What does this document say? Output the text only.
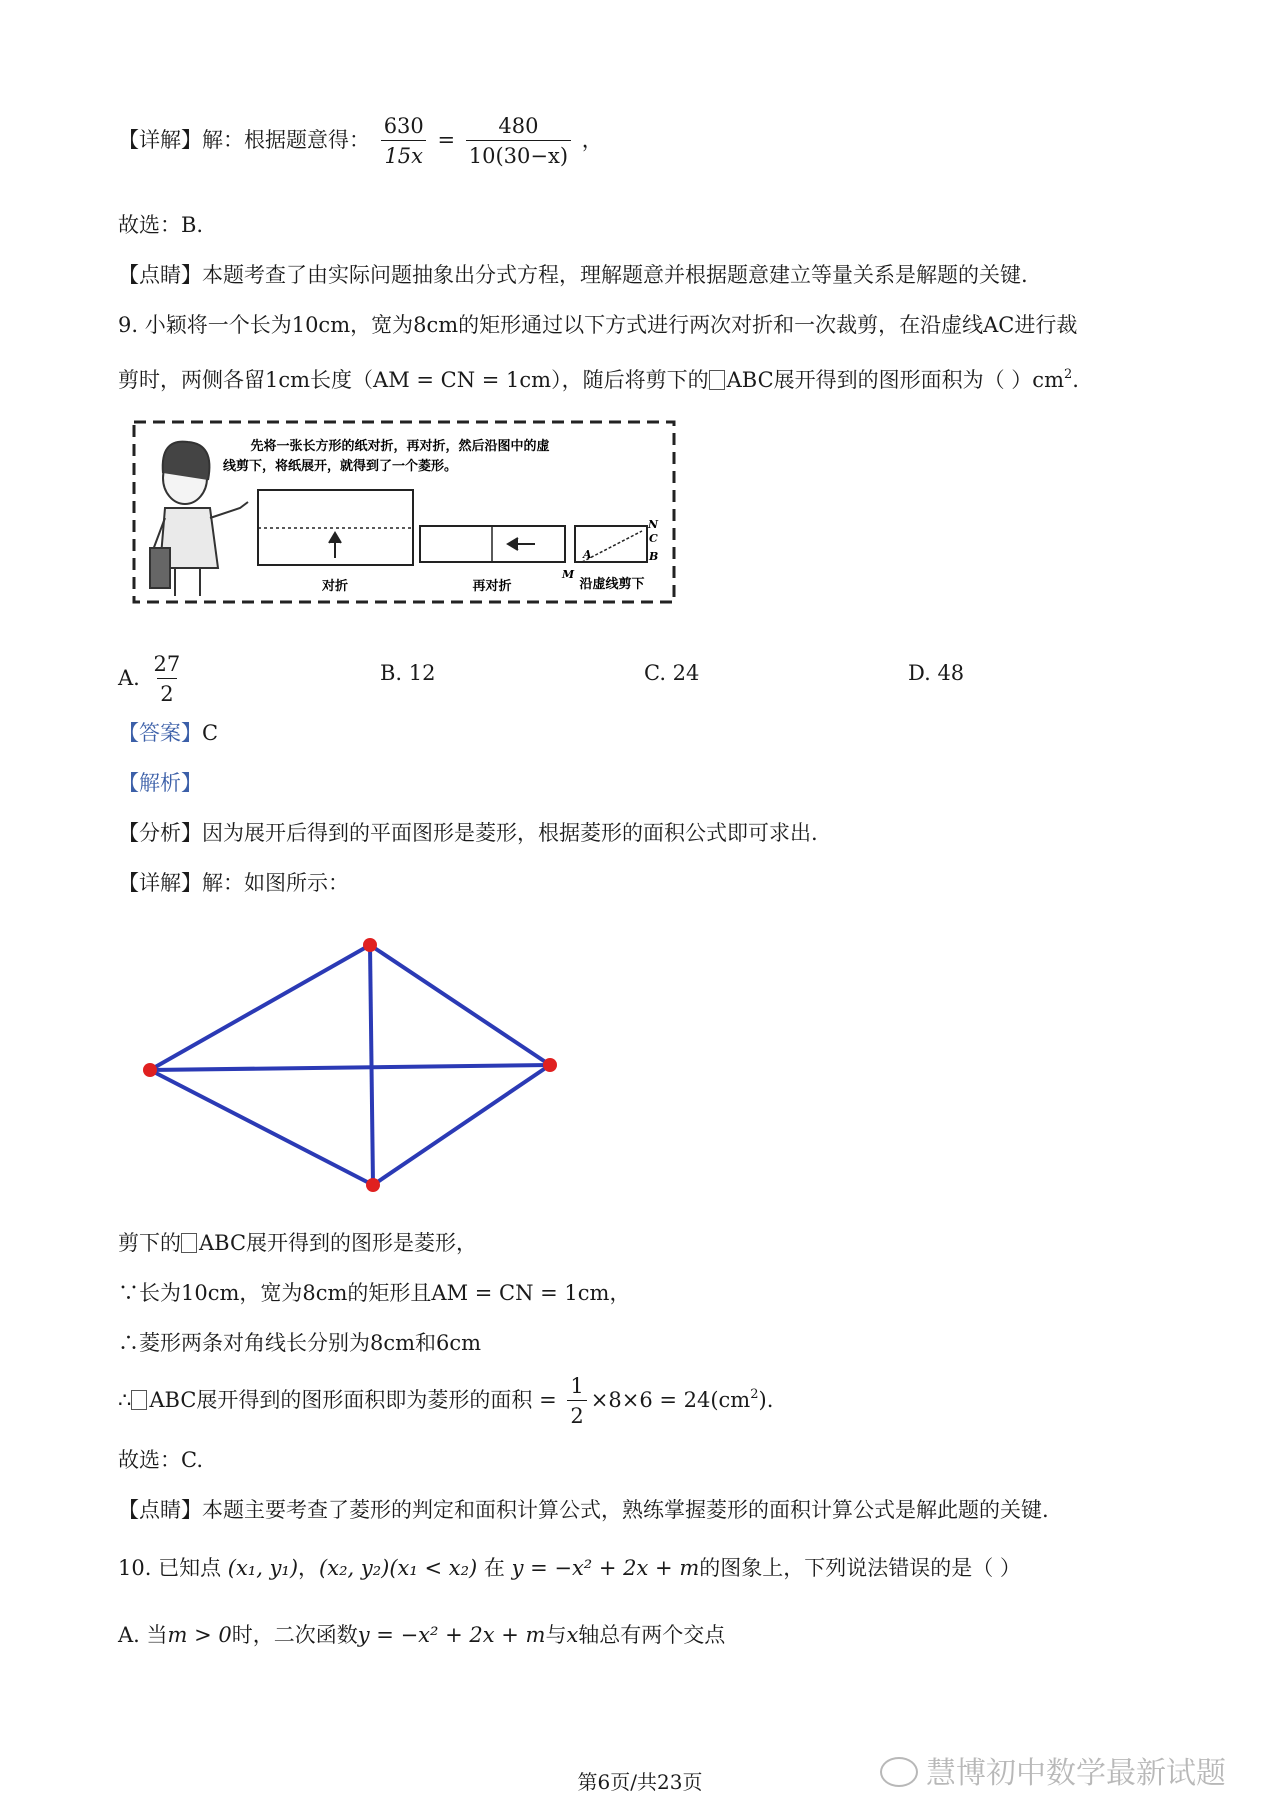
【详解】解：根据题意得： $\frac{630}{15x} = \frac{480}{10(30-x)}$ ，
故选：B.
【点睛】本题考查了由实际问题抽象出分式方程，理解题意并根据题意建立等量关系是解题的关键.
9. 小颖将一个长为10cm，宽为8cm的矩形通过以下方式进行两次对折和一次裁剪，在沿虚线AC进行裁
剪时，两侧各留1cm长度（AM = CN = 1cm），随后将剪下的 ABC展开得到的图形面积为（ ）$cm^2$.
先将一张长方形的纸对折，再对折，然后沿图中的虚
线剪下，将纸展开，就得到了一个菱形。
对折	再对折
N
C
B
A
M
沿虚线剪下
A. $\frac{27}{2}$	B. 12	C. 24	D. 48
【答案】C
【解析】
【分析】因为展开后得到的平面图形是菱形，根据菱形的面积公式即可求出.
【详解】解：如图所示：
剪下的 ABC展开得到的图形是菱形，
∵长为10cm，宽为8cm的矩形且AM = CN = 1cm，
∴菱形两条对角线长分别为8cm和6cm
∴ ABC展开得到的图形面积即为菱形的面积 = $\frac{1}{2} \times 8\times 6 = 24(cm^2)$.
故选：C.
【点睛】本题主要考查了菱形的判定和面积计算公式，熟练掌握菱形的面积计算公式是解此题的关键.
10. 已知点 (x₁, y₁)，(x₂, y₂)(x₁ < x₂) 在 y = −x² + 2x + m的图象上，下列说法错误的是（ ）
A. 当m > 0时，二次函数y = −x² + 2x + m与x轴总有两个交点
第6页/共23页	慧博初中数学最新试题
